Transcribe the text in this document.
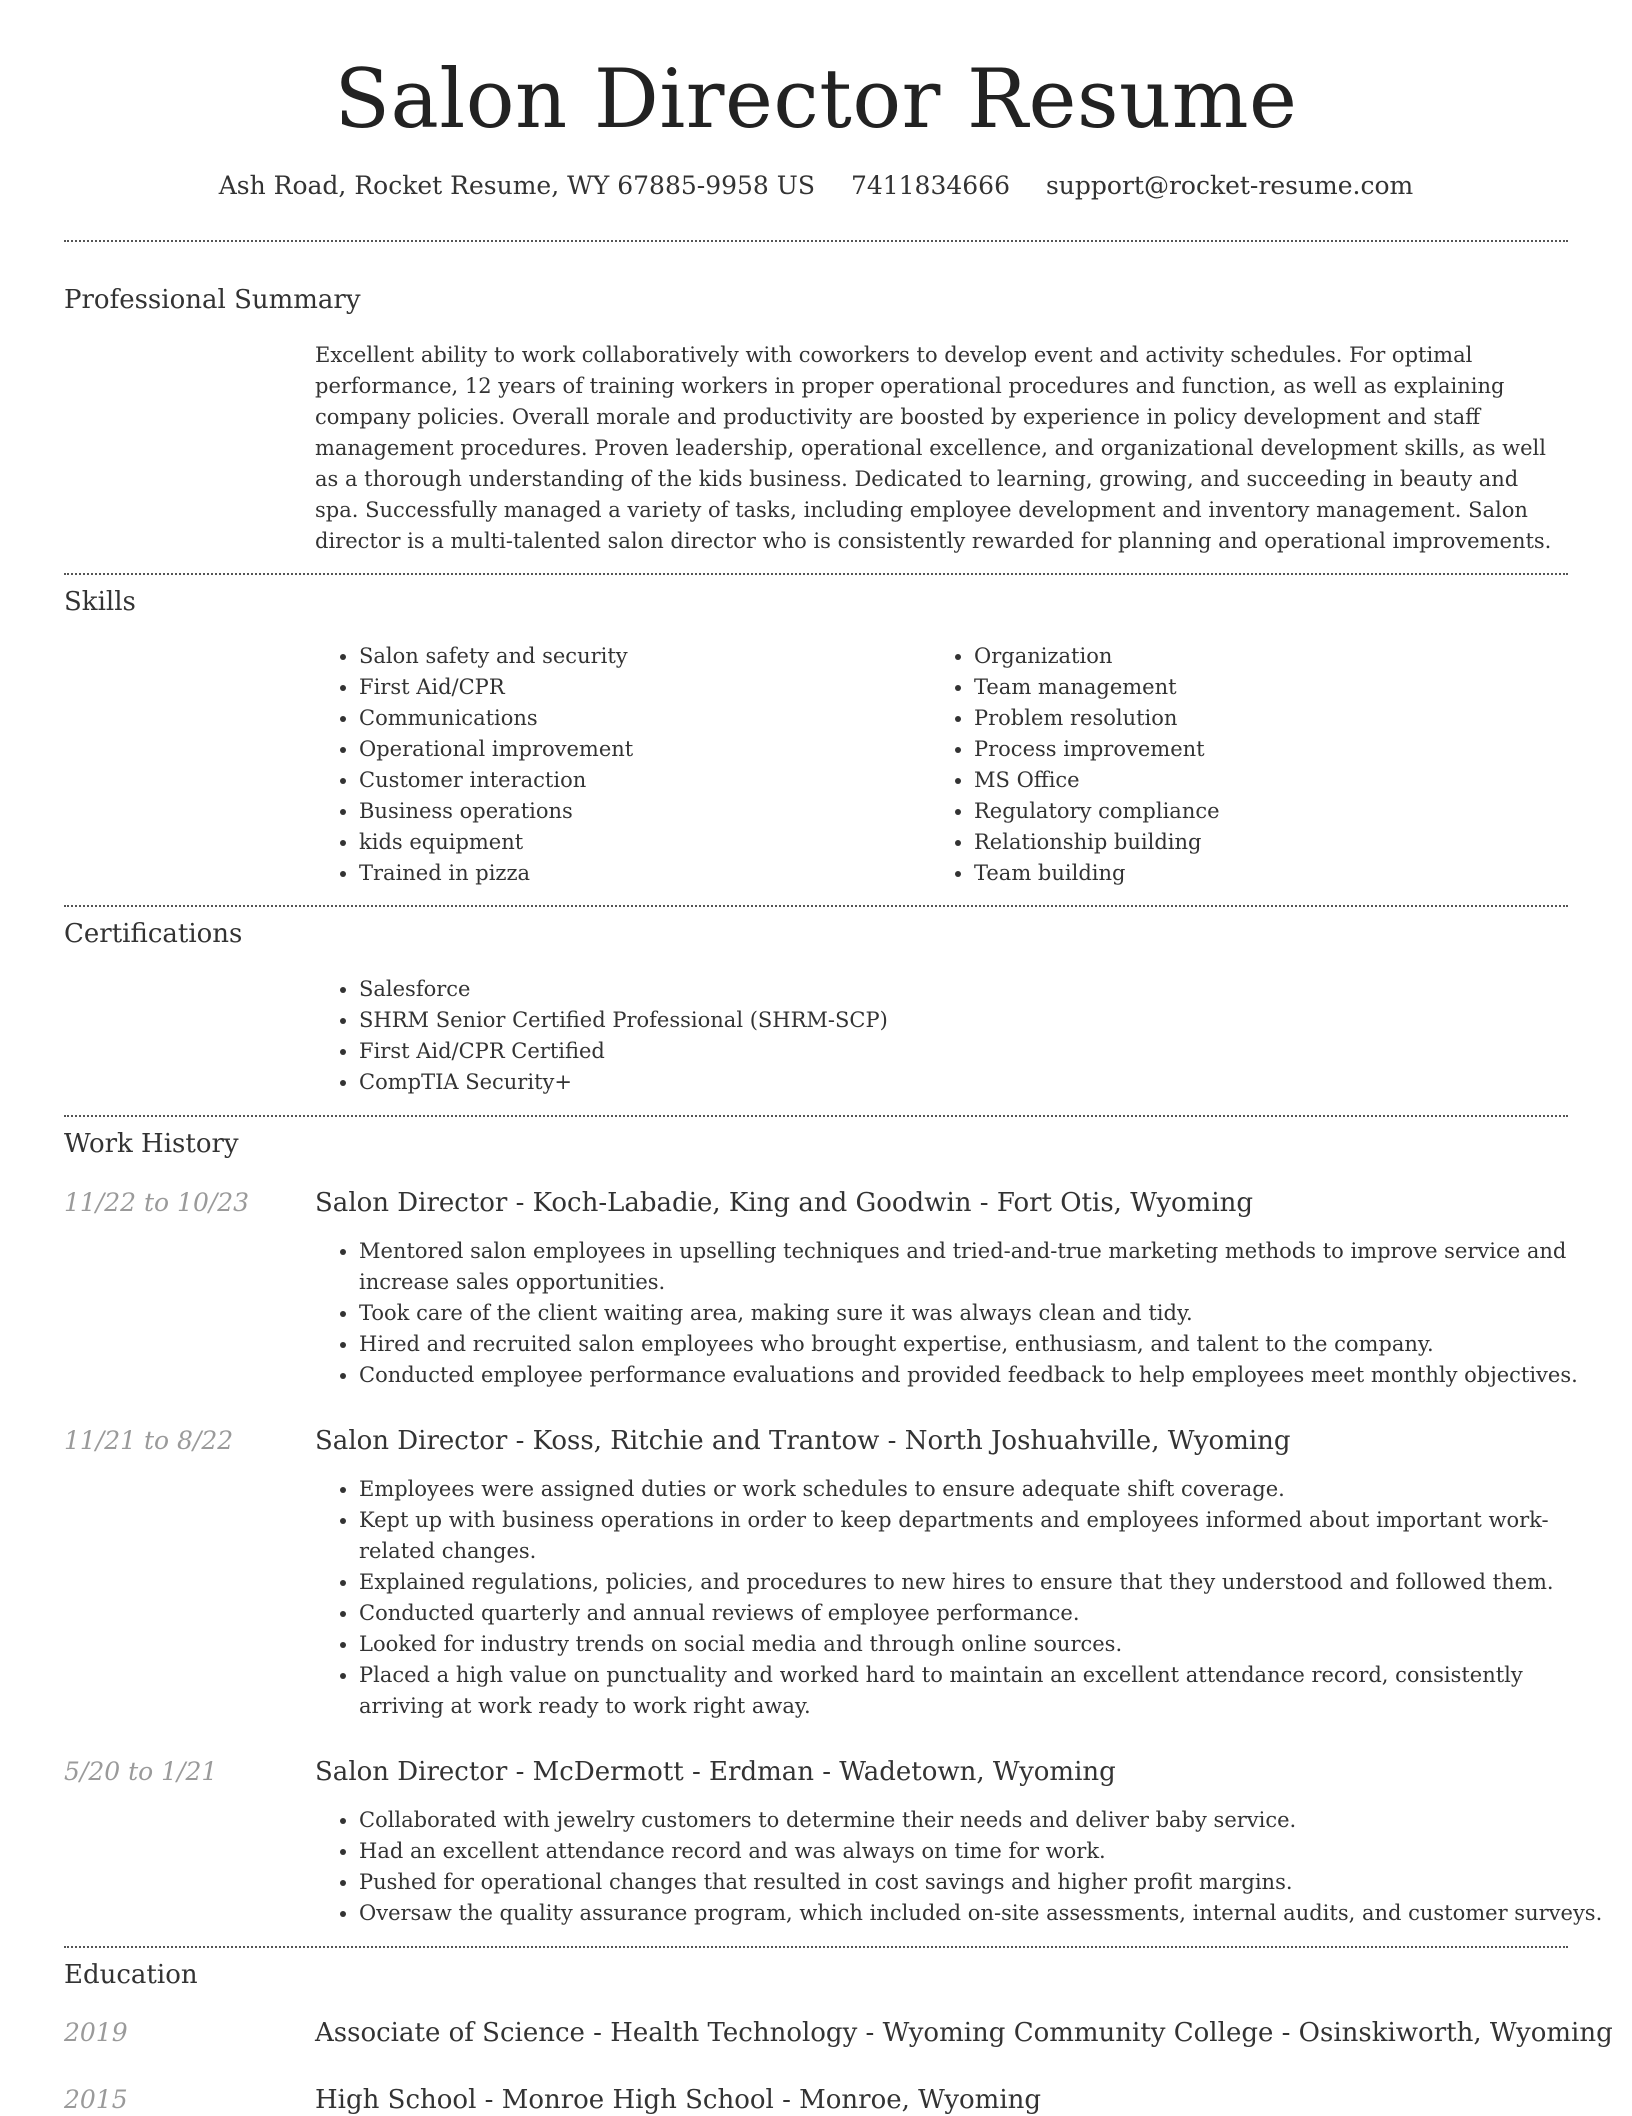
Salon Director Resume
Ash Road, Rocket Resume, WY 67885-9958 US 7411834666 support@rocket-resume.com
Professional Summary

Excellent ability to work collaboratively with coworkers to develop event and activity schedules. For optimal performance, 12 years of training workers in proper operational procedures and function, as well as explaining company policies. Overall morale and productivity are boosted by experience in policy development and staff management procedures. Proven leadership, operational excellence, and organizational development skills, as well as a thorough understanding of the kids business. Dedicated to learning, growing, and succeeding in beauty and spa. Successfully managed a variety of tasks, including employee development and inventory management. Salon director is a multi-talented salon director who is consistently rewarded for planning and operational improvements.

Skills
• Salon safety and security
• First Aid/CPR
• Communications
• Operational improvement
• Customer interaction
• Business operations
• kids equipment
• Trained in pizza
• Organization
• Team management
• Problem resolution
• Process improvement
• MS Office
• Regulatory compliance
• Relationship building
• Team building
Certifications
• Salesforce
• SHRM Senior Certified Professional (SHRM-SCP)
• First Aid/CPR Certified
• CompTIA Security+
Work History
11/22 to 10/23	Salon Director - Koch-Labadie, King and Goodwin - Fort Otis, Wyoming
• Mentored salon employees in upselling techniques and tried-and-true marketing methods to improve service and increase sales opportunities.
• Took care of the client waiting area, making sure it was always clean and tidy.
• Hired and recruited salon employees who brought expertise, enthusiasm, and talent to the company.
• Conducted employee performance evaluations and provided feedback to help employees meet monthly objectives.
11/21 to 8/22	Salon Director - Koss, Ritchie and Trantow - North Joshuahville, Wyoming
• Employees were assigned duties or work schedules to ensure adequate shift coverage.
• Kept up with business operations in order to keep departments and employees informed about important work-related changes.
• Explained regulations, policies, and procedures to new hires to ensure that they understood and followed them.
• Conducted quarterly and annual reviews of employee performance.
• Looked for industry trends on social media and through online sources.
• Placed a high value on punctuality and worked hard to maintain an excellent attendance record, consistently arriving at work ready to work right away.
5/20 to 1/21	Salon Director - McDermott - Erdman - Wadetown, Wyoming
• Collaborated with jewelry customers to determine their needs and deliver baby service.
• Had an excellent attendance record and was always on time for work.
• Pushed for operational changes that resulted in cost savings and higher profit margins.
• Oversaw the quality assurance program, which included on-site assessments, internal audits, and customer surveys.
Education
2019	Associate of Science - Health Technology - Wyoming Community College - Osinskiworth, Wyoming
2015	High School - Monroe High School - Monroe, Wyoming
